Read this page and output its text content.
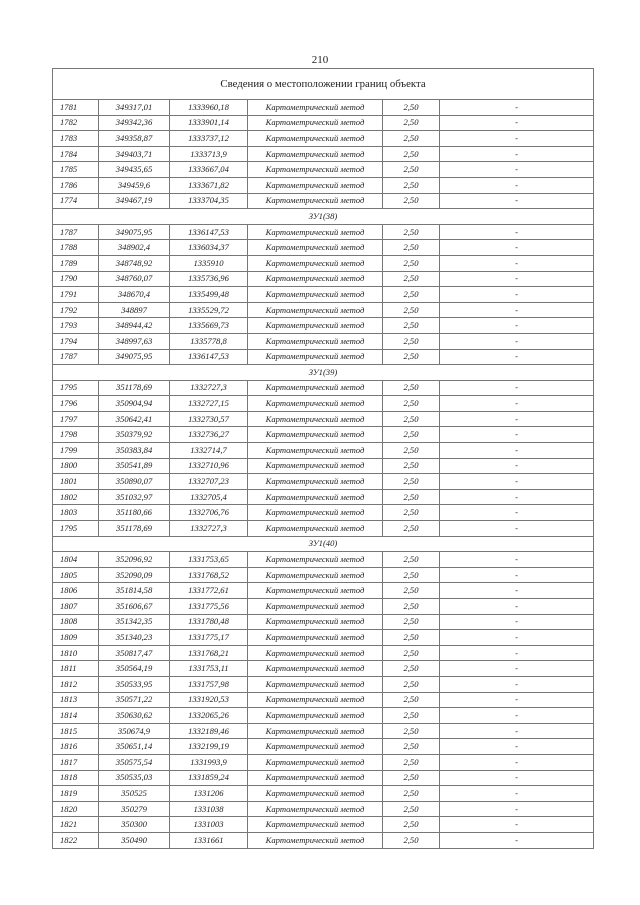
210
Сведения о местоположении границ объекта					
1781	349317,01	1333960,18	Картометрический метод	2,50	-
1782	349342,36	1333901,14	Картометрический метод	2,50	-
1783	349358,87	1333737,12	Картометрический метод	2,50	-
1784	349403,71	1333713,9	Картометрический метод	2,50	-
1785	349435,65	1333667,04	Картометрический метод	2,50	-
1786	349459,6	1333671,82	Картометрический метод	2,50	-
1774	349467,19	1333704,35	Картометрический метод	2,50	-
ЗУ1(38)					
1787	349075,95	1336147,53	Картометрический метод	2,50	-
1788	348902,4	1336034,37	Картометрический метод	2,50	-
1789	348748,92	1335910	Картометрический метод	2,50	-
1790	348760,07	1335736,96	Картометрический метод	2,50	-
1791	348670,4	1335499,48	Картометрический метод	2,50	-
1792	348897	1335529,72	Картометрический метод	2,50	-
1793	348944,42	1335669,73	Картометрический метод	2,50	-
1794	348997,63	1335778,8	Картометрический метод	2,50	-
1787	349075,95	1336147,53	Картометрический метод	2,50	-
ЗУ1(39)					
1795	351178,69	1332727,3	Картометрический метод	2,50	-
1796	350904,94	1332727,15	Картометрический метод	2,50	-
1797	350642,41	1332730,57	Картометрический метод	2,50	-
1798	350379,92	1332736,27	Картометрический метод	2,50	-
1799	350383,84	1332714,7	Картометрический метод	2,50	-
1800	350541,89	1332710,96	Картометрический метод	2,50	-
1801	350890,07	1332707,23	Картометрический метод	2,50	-
1802	351032,97	1332705,4	Картометрический метод	2,50	-
1803	351180,66	1332706,76	Картометрический метод	2,50	-
1795	351178,69	1332727,3	Картометрический метод	2,50	-
ЗУ1(40)					
1804	352096,92	1331753,65	Картометрический метод	2,50	-
1805	352090,09	1331768,52	Картометрический метод	2,50	-
1806	351814,58	1331772,61	Картометрический метод	2,50	-
1807	351606,67	1331775,56	Картометрический метод	2,50	-
1808	351342,35	1331780,48	Картометрический метод	2,50	-
1809	351340,23	1331775,17	Картометрический метод	2,50	-
1810	350817,47	1331768,21	Картометрический метод	2,50	-
1811	350564,19	1331753,11	Картометрический метод	2,50	-
1812	350533,95	1331757,98	Картометрический метод	2,50	-
1813	350571,22	1331920,53	Картометрический метод	2,50	-
1814	350630,62	1332065,26	Картометрический метод	2,50	-
1815	350674,9	1332189,46	Картометрический метод	2,50	-
1816	350651,14	1332199,19	Картометрический метод	2,50	-
1817	350575,54	1331993,9	Картометрический метод	2,50	-
1818	350535,03	1331859,24	Картометрический метод	2,50	-
1819	350525	1331206	Картометрический метод	2,50	-
1820	350279	1331038	Картометрический метод	2,50	-
1821	350300	1331003	Картометрический метод	2,50	-
1822	350490	1331661	Картометрический метод	2,50	-
